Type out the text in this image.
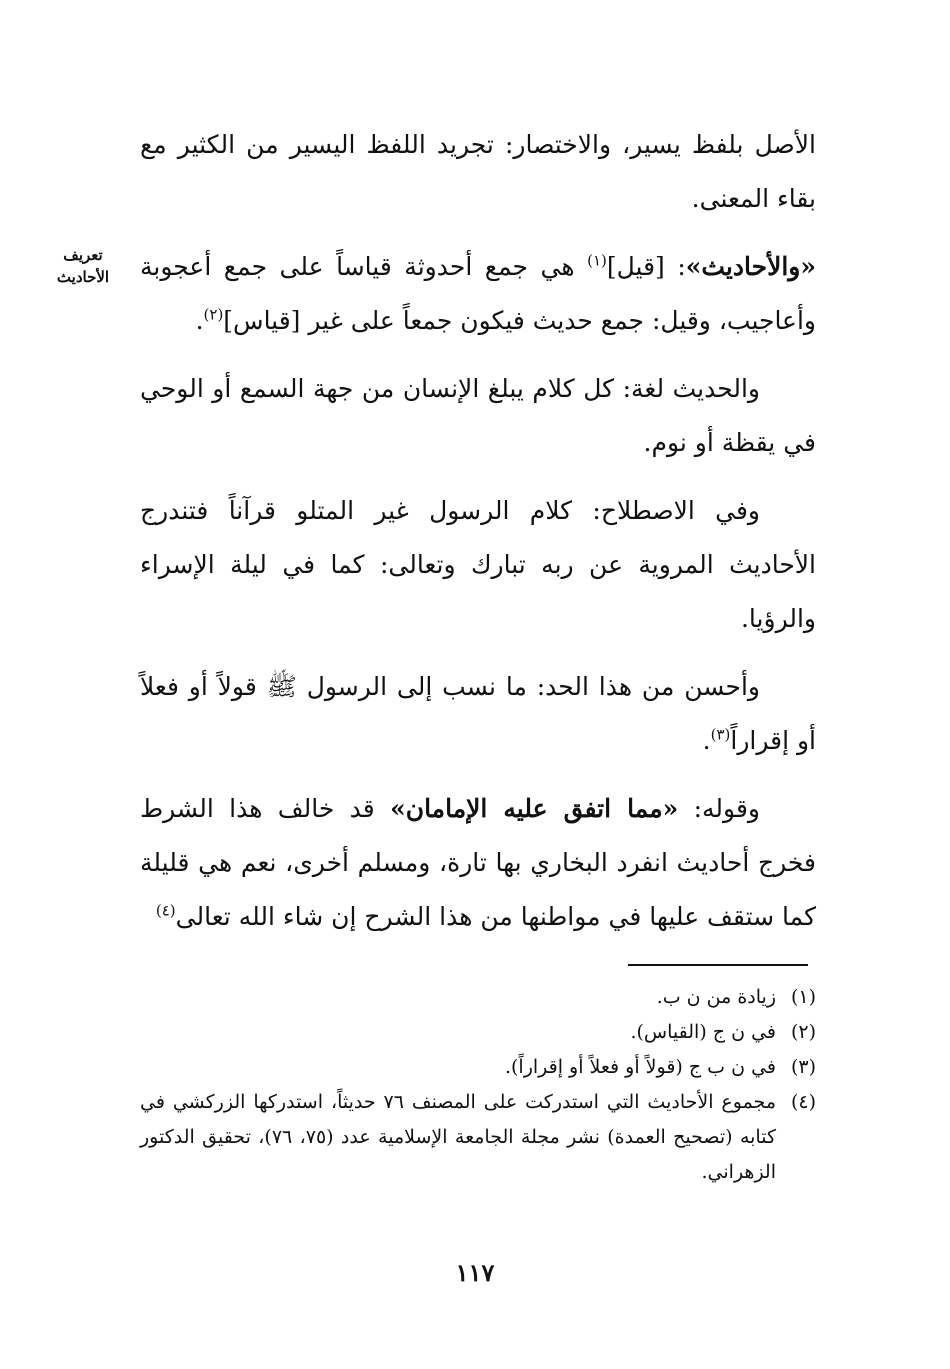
تعريف
الأحاديث

الأصل بلفظ يسير، والاختصار: تجريد اللفظ اليسير من الكثير مع بقاء المعنى.

«والأحاديث»: [قيل]$^{(١)}$ هي جمع أحدوثة قياساً على جمع أعجوبة وأعاجيب، وقيل: جمع حديث فيكون جمعاً على غير [قياس]$^{(٢)}$.

والحديث لغة: كل كلام يبلغ الإنسان من جهة السمع أو الوحي في يقظة أو نوم.

وفي الاصطلاح: كلام الرسول غير المتلو قرآناً فتندرج الأحاديث المروية عن ربه تبارك وتعالى: كما في ليلة الإسراء والرؤيا.

وأحسن من هذا الحد: ما نسب إلى الرسول ﷺ قولاً أو فعلاً أو إقراراً$^{(٣)}$.

وقوله: «مما اتفق عليه الإمامان» قد خالف هذا الشرط فخرج أحاديث انفرد البخاري بها تارة، ومسلم أخرى، نعم هي قليلة كما ستقف عليها في مواطنها من هذا الشرح إن شاء الله تعالى$^{(٤)}$

(١)
زيادة من ن ب.
(٢)
في ن ج (القياس).
(٣)
في ن ب ج (قولاً أو فعلاً أو إقراراً).
(٤)
مجموع الأحاديث التي استدركت على المصنف ٧٦ حديثاً، استدركها الزركشي في كتابه (تصحيح العمدة) نشر مجلة الجامعة الإسلامية عدد (٧٥، ٧٦)، تحقيق الدكتور الزهراني.
١١٧
